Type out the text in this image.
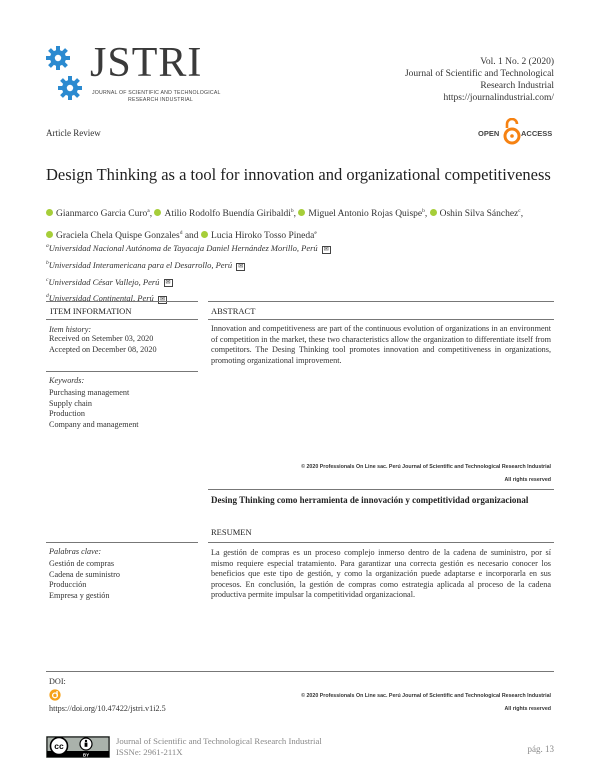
JSTRI
JOURNAL OF SCIENTIFIC AND TECHNOLOGICAL
RESEARCH INDUSTRIAL
Vol. 1 No. 2 (2020)
Journal of Scientific and Technological
Research Industrial
https://journalindustrial.com/
Article Review	OPEN	ACCESS
Design Thinking as a tool for innovation and organizational competitiveness
Gianmarco Garcia Curo$^a$, Atilio Rodolfo Buendía Giribaldi$^b$, Miguel Antonio Rojas Quispe$^b$, Oshin Silva Sánchez$^c$,
Graciela Chela Quispe Gonzales$^d$ and Lucia Hiroko Tosso Pineda$^e$
$^a$Universidad Nacional Autónoma de Tayacaja Daniel Hernández Morillo, Perú ✉
$^b$Universidad Interamericana para el Desarrollo, Perú ✉
$^c$Universidad César Vallejo, Perú ✉
$^d$Universidad Continental, Perú ✉
ITEM INFORMATION
Item history:
Received on Setember 03, 2020
Accepted on December 08, 2020
Keywords:
Purchasing management
Supply chain
Production
Company and management
Palabras clave:
Gestión de compras
Cadena de suministro
Producción
Empresa y gestión
ABSTRACT
Innovation and competitiveness are part of the continuous evolution of organizations in an environment of competition in the market, these two characteristics allow the organization to differentiate itself from competitors. The Desing Thinking tool promotes innovation and competitiveness in organizations, promoting organizational improvement.
© 2020 Professionals On Line sac. Perú Journal of Scientific and Technological Research Industrial
All rights reserved
Desing Thinking como herramienta de innovación y competitividad organizacional
RESUMEN
La gestión de compras es un proceso complejo inmerso dentro de la cadena de suministro, por sí mismo requiere especial tratamiento. Para garantizar una correcta gestión es necesario conocer los beneficios que este tipo de gestión, y como la organización puede adaptarse e incorporarla en sus procesos. En conclusión, la gestión de compras como estrategia aplicada al proceso de la cadena productiva permite impulsar la competitividad organizacional.
DOI:
https://doi.org/10.47422/jstri.v1i2.5
© 2020 Professionals On Line sac. Perú Journal of Scientific and Technological Research Industrial
All rights reserved
cc
BY
Journal of Scientific and Technological Research Industrial
ISSNe: 2961-211X	pág. 13
